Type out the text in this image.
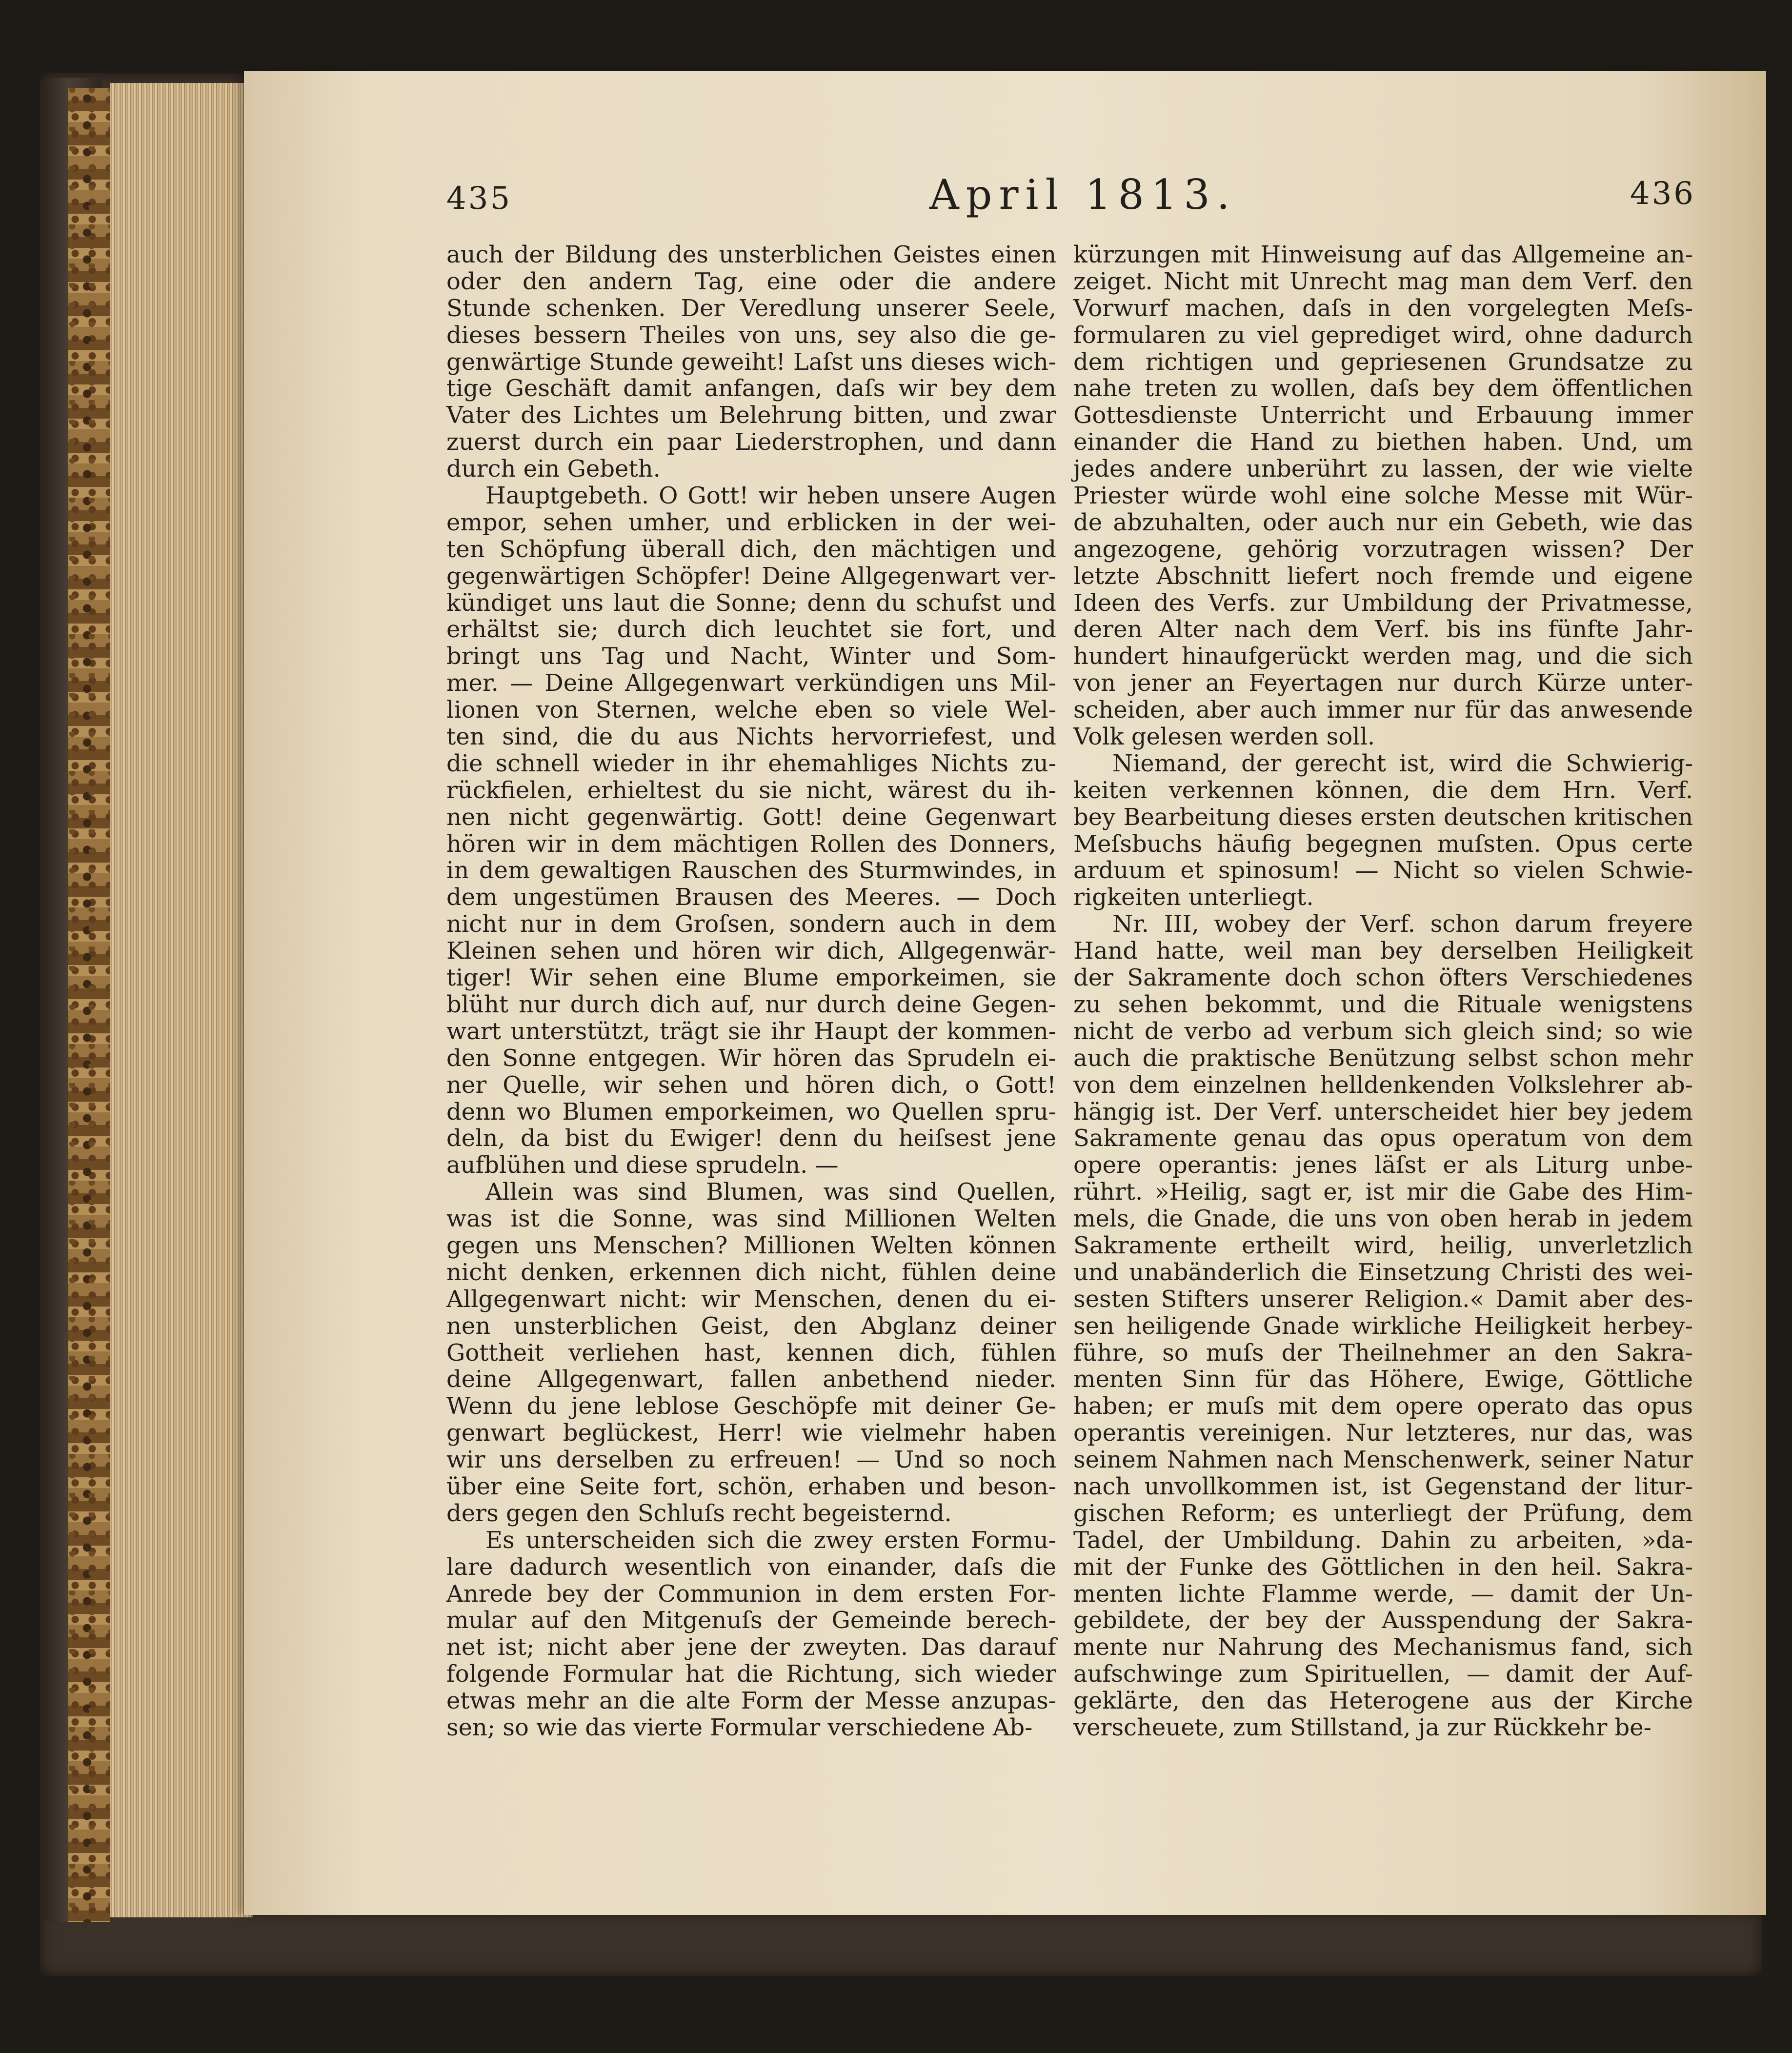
435	April 1813.	436
auch der Bildung des unsterblichen Geistes einen
oder den andern Tag, eine oder die andere
Stunde schenken. Der Veredlung unserer Seele,
dieses bessern Theiles von uns, sey also die ge-
genwärtige Stunde geweiht! Laſst uns dieses wich-
tige Geschäft damit anfangen, daſs wir bey dem
Vater des Lichtes um Belehrung bitten, und zwar
zuerst durch ein paar Liederstrophen, und dann
durch ein Gebeth.
Hauptgebeth. O Gott! wir heben unsere Augen
empor, sehen umher, und erblicken in der wei-
ten Schöpfung überall dich, den mächtigen und
gegenwärtigen Schöpfer! Deine Allgegenwart ver-
kündiget uns laut die Sonne; denn du schufst und
erhältst sie; durch dich leuchtet sie fort, und
bringt uns Tag und Nacht, Winter und Som-
mer. — Deine Allgegenwart verkündigen uns Mil-
lionen von Sternen, welche eben so viele Wel-
ten sind, die du aus Nichts hervorriefest, und
die schnell wieder in ihr ehemahliges Nichts zu-
rückfielen, erhieltest du sie nicht, wärest du ih-
nen nicht gegenwärtig. Gott! deine Gegenwart
hören wir in dem mächtigen Rollen des Donners,
in dem gewaltigen Rauschen des Sturmwindes, in
dem ungestümen Brausen des Meeres. — Doch
nicht nur in dem Groſsen, sondern auch in dem
Kleinen sehen und hören wir dich, Allgegenwär-
tiger! Wir sehen eine Blume emporkeimen, sie
blüht nur durch dich auf, nur durch deine Gegen-
wart unterstützt, trägt sie ihr Haupt der kommen-
den Sonne entgegen. Wir hören das Sprudeln ei-
ner Quelle, wir sehen und hören dich, o Gott!
denn wo Blumen emporkeimen, wo Quellen spru-
deln, da bist du Ewiger! denn du heiſsest jene
aufblühen und diese sprudeln. —
Allein was sind Blumen, was sind Quellen,
was ist die Sonne, was sind Millionen Welten
gegen uns Menschen? Millionen Welten können
nicht denken, erkennen dich nicht, fühlen deine
Allgegenwart nicht: wir Menschen, denen du ei-
nen unsterblichen Geist, den Abglanz deiner
Gottheit verliehen hast, kennen dich, fühlen
deine Allgegenwart, fallen anbethend nieder.
Wenn du jene leblose Geschöpfe mit deiner Ge-
genwart beglückest, Herr! wie vielmehr haben
wir uns derselben zu erfreuen! — Und so noch
über eine Seite fort, schön, erhaben und beson-
ders gegen den Schluſs recht begeisternd.
Es unterscheiden sich die zwey ersten Formu-
lare dadurch wesentlich von einander, daſs die
Anrede bey der Communion in dem ersten For-
mular auf den Mitgenuſs der Gemeinde berech-
net ist; nicht aber jene der zweyten. Das darauf
folgende Formular hat die Richtung, sich wieder
etwas mehr an die alte Form der Messe anzupas-
sen; so wie das vierte Formular verschiedene Ab-
kürzungen mit Hinweisung auf das Allgemeine an-
zeiget. Nicht mit Unrecht mag man dem Verf. den
Vorwurf machen, daſs in den vorgelegten Meſs-
formularen zu viel geprediget wird, ohne dadurch
dem richtigen und gepriesenen Grundsatze zu
nahe treten zu wollen, daſs bey dem öffentlichen
Gottesdienste Unterricht und Erbauung immer
einander die Hand zu biethen haben. Und, um
jedes andere unberührt zu lassen, der wie vielte
Priester würde wohl eine solche Messe mit Wür-
de abzuhalten, oder auch nur ein Gebeth, wie das
angezogene, gehörig vorzutragen wissen? Der
letzte Abschnitt liefert noch fremde und eigene
Ideen des Verfs. zur Umbildung der Privatmesse,
deren Alter nach dem Verf. bis ins fünfte Jahr-
hundert hinaufgerückt werden mag, und die sich
von jener an Feyertagen nur durch Kürze unter-
scheiden, aber auch immer nur für das anwesende
Volk gelesen werden soll.
Niemand, der gerecht ist, wird die Schwierig-
keiten verkennen können, die dem Hrn. Verf.
bey Bearbeitung dieses ersten deutschen kritischen
Meſsbuchs häufig begegnen muſsten. Opus certe
arduum et spinosum! — Nicht so vielen Schwie-
rigkeiten unterliegt.
Nr. III, wobey der Verf. schon darum freyere
Hand hatte, weil man bey derselben Heiligkeit
der Sakramente doch schon öfters Verschiedenes
zu sehen bekommt, und die Rituale wenigstens
nicht de verbo ad verbum sich gleich sind; so wie
auch die praktische Benützung selbst schon mehr
von dem einzelnen helldenkenden Volkslehrer ab-
hängig ist. Der Verf. unterscheidet hier bey jedem
Sakramente genau das opus operatum von dem
opere operantis: jenes läſst er als Liturg unbe-
rührt. »Heilig, sagt er, ist mir die Gabe des Him-
mels, die Gnade, die uns von oben herab in jedem
Sakramente ertheilt wird, heilig, unverletzlich
und unabänderlich die Einsetzung Christi des wei-
sesten Stifters unserer Religion.« Damit aber des-
sen heiligende Gnade wirkliche Heiligkeit herbey-
führe, so muſs der Theilnehmer an den Sakra-
menten Sinn für das Höhere, Ewige, Göttliche
haben; er muſs mit dem opere operato das opus
operantis vereinigen. Nur letzteres, nur das, was
seinem Nahmen nach Menschenwerk, seiner Natur
nach unvollkommen ist, ist Gegenstand der litur-
gischen Reform; es unterliegt der Prüfung, dem
Tadel, der Umbildung. Dahin zu arbeiten, »da-
mit der Funke des Göttlichen in den heil. Sakra-
menten lichte Flamme werde, — damit der Un-
gebildete, der bey der Ausspendung der Sakra-
mente nur Nahrung des Mechanismus fand, sich
aufschwinge zum Spirituellen, — damit der Auf-
geklärte, den das Heterogene aus der Kirche
verscheuete, zum Stillstand, ja zur Rückkehr be-
